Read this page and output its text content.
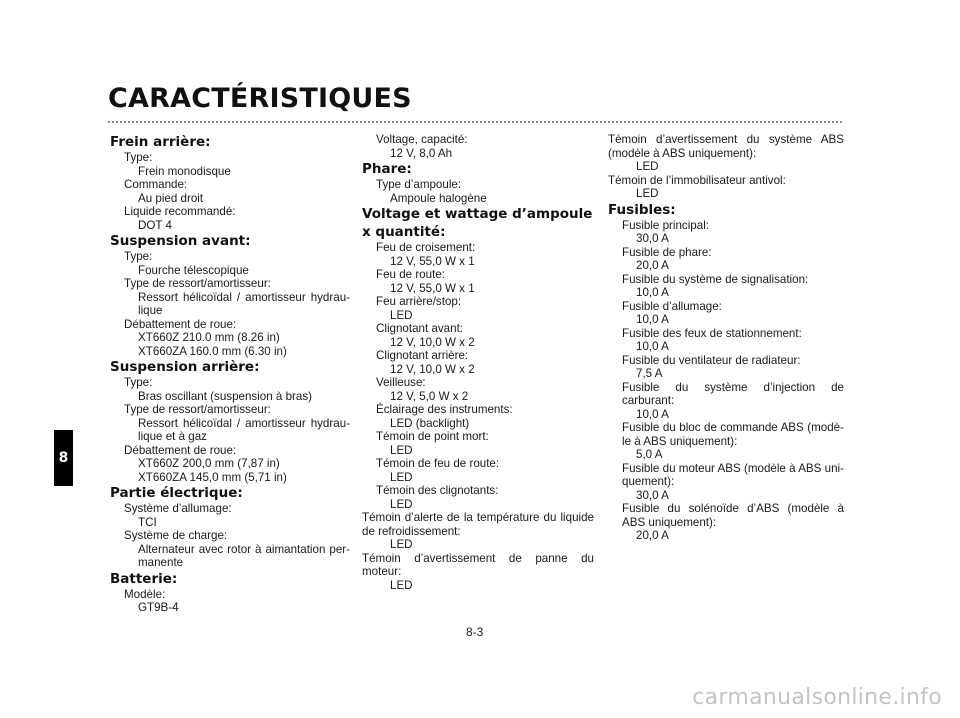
CARACTÉRISTIQUES
8
Frein arrière:
Type:
Frein monodisque
Commande:
Au pied droit
Liquide recommandé:
DOT 4
Suspension avant:
Type:
Fourche télescopique
Type de ressort/amortisseur:
Ressort hélicoïdal / amortisseur hydrau-lique
Débattement de roue:
XT660Z 210.0 mm (8.26 in)
XT660ZA 160.0 mm (6.30 in)
Suspension arrière:
Type:
Bras oscillant (suspension à bras)
Type de ressort/amortisseur:
Ressort hélicoïdal / amortisseur hydrau-lique et à gaz
Débattement de roue:
XT660Z 200,0 mm (7,87 in)
XT660ZA 145,0 mm (5,71 in)
Partie électrique:
Système d’allumage:
TCI
Système de charge:
Alternateur avec rotor à aimantation per-manente
Batterie:
Modèle:
GT9B-4
Voltage, capacité:
12 V, 8,0 Ah
Phare:
Type d’ampoule:
Ampoule halogène
Voltage et wattage d’ampoule x quantité:
Feu de croisement:
12 V, 55,0 W x 1
Feu de route:
12 V, 55,0 W x 1
Feu arrière/stop:
LED
Clignotant avant:
12 V, 10,0 W x 2
Clignotant arrière:
12 V, 10,0 W x 2
Veilleuse:
12 V, 5,0 W x 2
Éclairage des instruments:
LED (backlight)
Témoin de point mort:
LED
Témoin de feu de route:
LED
Témoin des clignotants:
LED
Témoin d’alerte de la température du liquide de refroidissement:
LED
Témoin d’avertissement de panne du moteur:
LED
Témoin d’avertissement du système ABS (modèle à ABS uniquement):
LED
Témoin de l’immobilisateur antivol:
LED
Fusibles:
Fusible principal:
30,0 A
Fusible de phare:
20,0 A
Fusible du système de signalisation:
10,0 A
Fusible d’allumage:
10,0 A
Fusible des feux de stationnement:
10,0 A
Fusible du ventilateur de radiateur:
7,5 A
Fusible du système d’injection de carburant:
10,0 A
Fusible du bloc de commande ABS (modè-le à ABS uniquement):
5,0 A
Fusible du moteur ABS (modèle à ABS uni-quement):
30,0 A
Fusible du solénoïde d’ABS (modèle à ABS uniquement):
20,0 A
8-3
carmanualsonline.info
